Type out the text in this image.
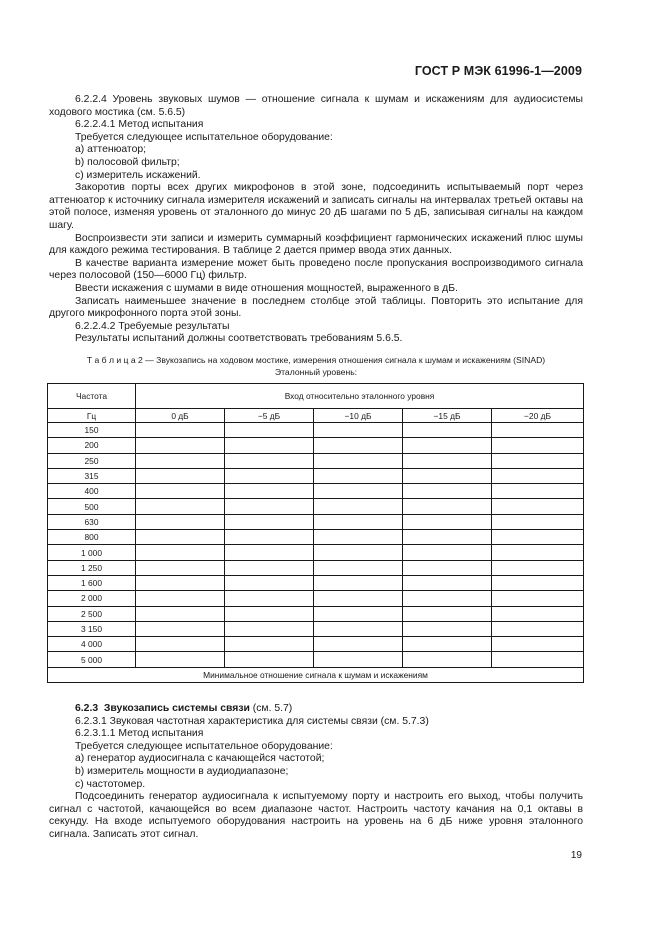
ГОСТ Р МЭК 61996-1—2009

6.2.2.4 Уровень звуковых шумов — отношение сигнала к шумам и искажениям для аудиосистемы ходового мостика (см. 5.6.5)

6.2.2.4.1 Метод испытания

Требуется следующее испытательное оборудование:

a) аттенюатор;

b) полосовой фильтр;

c) измеритель искажений.

Закоротив порты всех других микрофонов в этой зоне, подсоединить испытываемый порт через аттенюатор к источнику сигнала измерителя искажений и записать сигналы на интервалах третьей октавы на этой полосе, изменяя уровень от эталонного до минус 20 дБ шагами по 5 дБ, записывая сигналы на каждом шагу.

Воспроизвести эти записи и измерить суммарный коэффициент гармонических искажений плюс шумы для каждого режима тестирования. В таблице 2 дается пример ввода этих данных.

В качестве варианта измерение может быть проведено после пропускания воспроизводимого сигнала через полосовой (150—6000 Гц) фильтр.

Ввести искажения с шумами в виде отношения мощностей, выраженного в дБ.

Записать наименьшее значение в последнем столбце этой таблицы. Повторить это испытание для другого микрофонного порта этой зоны.

6.2.2.4.2 Требуемые результаты

Результаты испытаний должны соответствовать требованиям 5.6.5.

Т а б л и ц а 2 — Звукозапись на ходовом мостике, измерения отношения сигнала к шумам и искажениям (SINAD)
Эталонный уровень:
Частота	Вход относительно эталонного уровня				
Гц	0 дБ	−5 дБ	−10 дБ	−15 дБ	−20 дБ
150					
200					
250					
315					
400					
500					
630					
800					
1 000					
1 250					
1 600					
2 000					
2 500					
3 150					
4 000					
5 000					
Минимальное отношение сигнала к шумам и искажениям					

6.2.3 Звукозапись системы связи (см. 5.7)

6.2.3.1 Звуковая частотная характеристика для системы связи (см. 5.7.3)

6.2.3.1.1 Метод испытания

Требуется следующее испытательное оборудование:

a) генератор аудиосигнала с качающейся частотой;

b) измеритель мощности в аудиодиапазоне;

c) частотомер.

Подсоединить генератор аудиосигнала к испытуемому порту и настроить его выход, чтобы получить сигнал с частотой, качающейся во всем диапазоне частот. Настроить частоту качания на 0,1 октавы в секунду. На входе испытуемого оборудования настроить на уровень на 6 дБ ниже уровня эталонного сигнала. Записать этот сигнал.

19
